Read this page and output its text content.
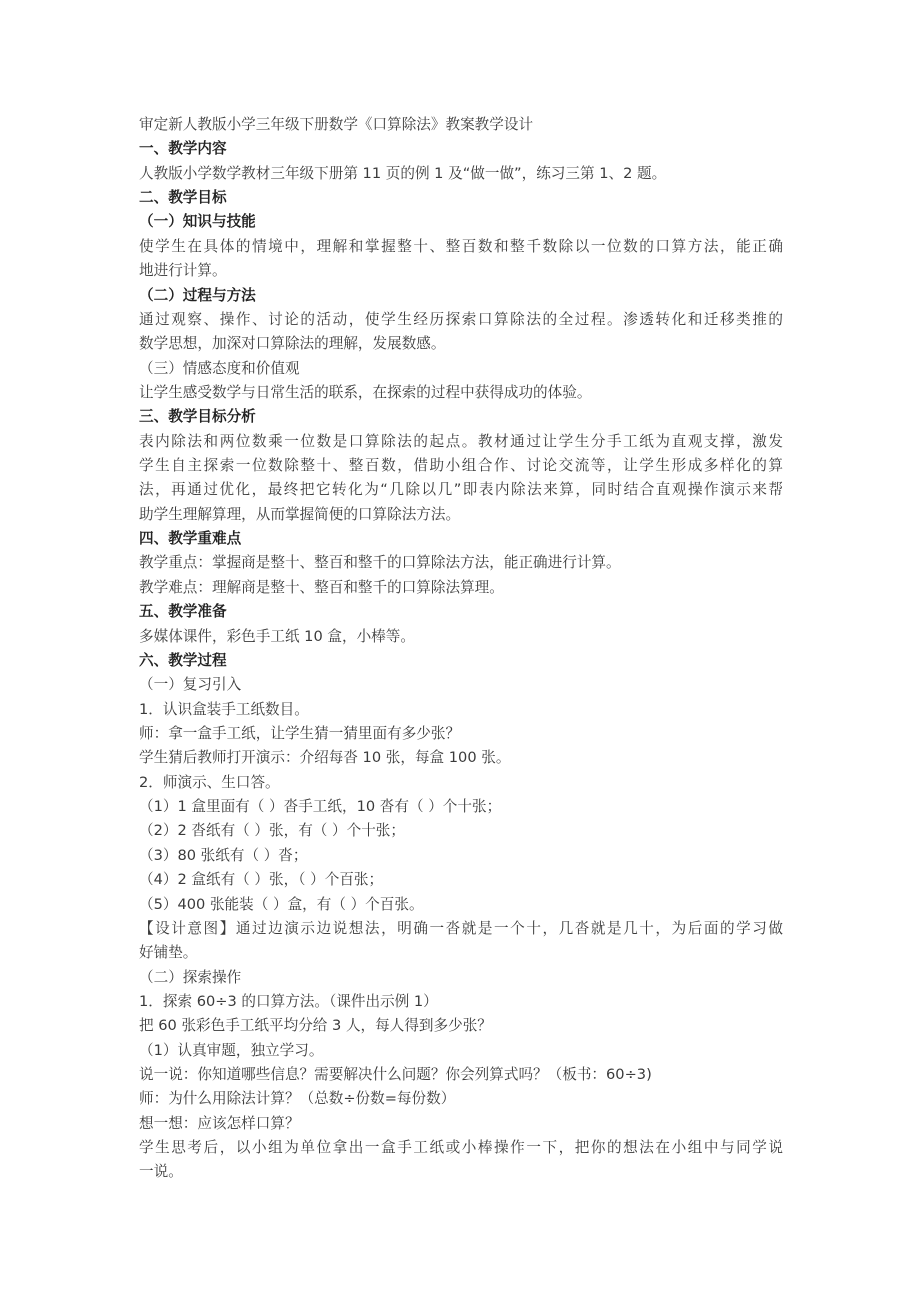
审定新人教版小学三年级下册数学《口算除法》教案教学设计
一、教学内容
人教版小学数学教材三年级下册第 11 页的例 1 及“做一做”，练习三第 1、2 题。
二、教学目标
（一）知识与技能
使学生在具体的情境中，理解和掌握整十、整百数和整千数除以一位数的口算方法，能正确
地进行计算。
（二）过程与方法
通过观察、操作、讨论的活动，使学生经历探索口算除法的全过程。渗透转化和迁移类推的
数学思想，加深对口算除法的理解，发展数感。
（三）情感态度和价值观
让学生感受数学与日常生活的联系，在探索的过程中获得成功的体验。
三、教学目标分析
表内除法和两位数乘一位数是口算除法的起点。教材通过让学生分手工纸为直观支撑，激发
学生自主探索一位数除整十、整百数，借助小组合作、讨论交流等，让学生形成多样化的算
法，再通过优化，最终把它转化为“几除以几”即表内除法来算，同时结合直观操作演示来帮
助学生理解算理，从而掌握简便的口算除法方法。
四、教学重难点
教学重点：掌握商是整十、整百和整千的口算除法方法，能正确进行计算。
教学难点：理解商是整十、整百和整千的口算除法算理。
五、教学准备
多媒体课件，彩色手工纸 10 盒，小棒等。
六、教学过程
（一）复习引入
1．认识盒装手工纸数目。
师：拿一盒手工纸，让学生猜一猜里面有多少张？
学生猜后教师打开演示：介绍每沓 10 张，每盒 100 张。
2．师演示、生口答。
（1）1 盒里面有（ ）沓手工纸，10 沓有（ ）个十张；
（2）2 沓纸有（ ）张，有（ ）个十张；
（3）80 张纸有（ ）沓；
（4）2 盒纸有（ ）张，（ ）个百张；
（5）400 张能装（ ）盒，有（ ）个百张。
【设计意图】通过边演示边说想法，明确一沓就是一个十，几沓就是几十，为后面的学习做
好铺垫。
（二）探索操作
1．探索 60÷3 的口算方法。（课件出示例 1）
把 60 张彩色手工纸平均分给 3 人，每人得到多少张？
（1）认真审题，独立学习。
说一说：你知道哪些信息？需要解决什么问题？你会列算式吗？（板书：60÷3)
师：为什么用除法计算？（总数÷份数=每份数）
想一想：应该怎样口算？
学生思考后，以小组为单位拿出一盒手工纸或小棒操作一下，把你的想法在小组中与同学说
一说。
